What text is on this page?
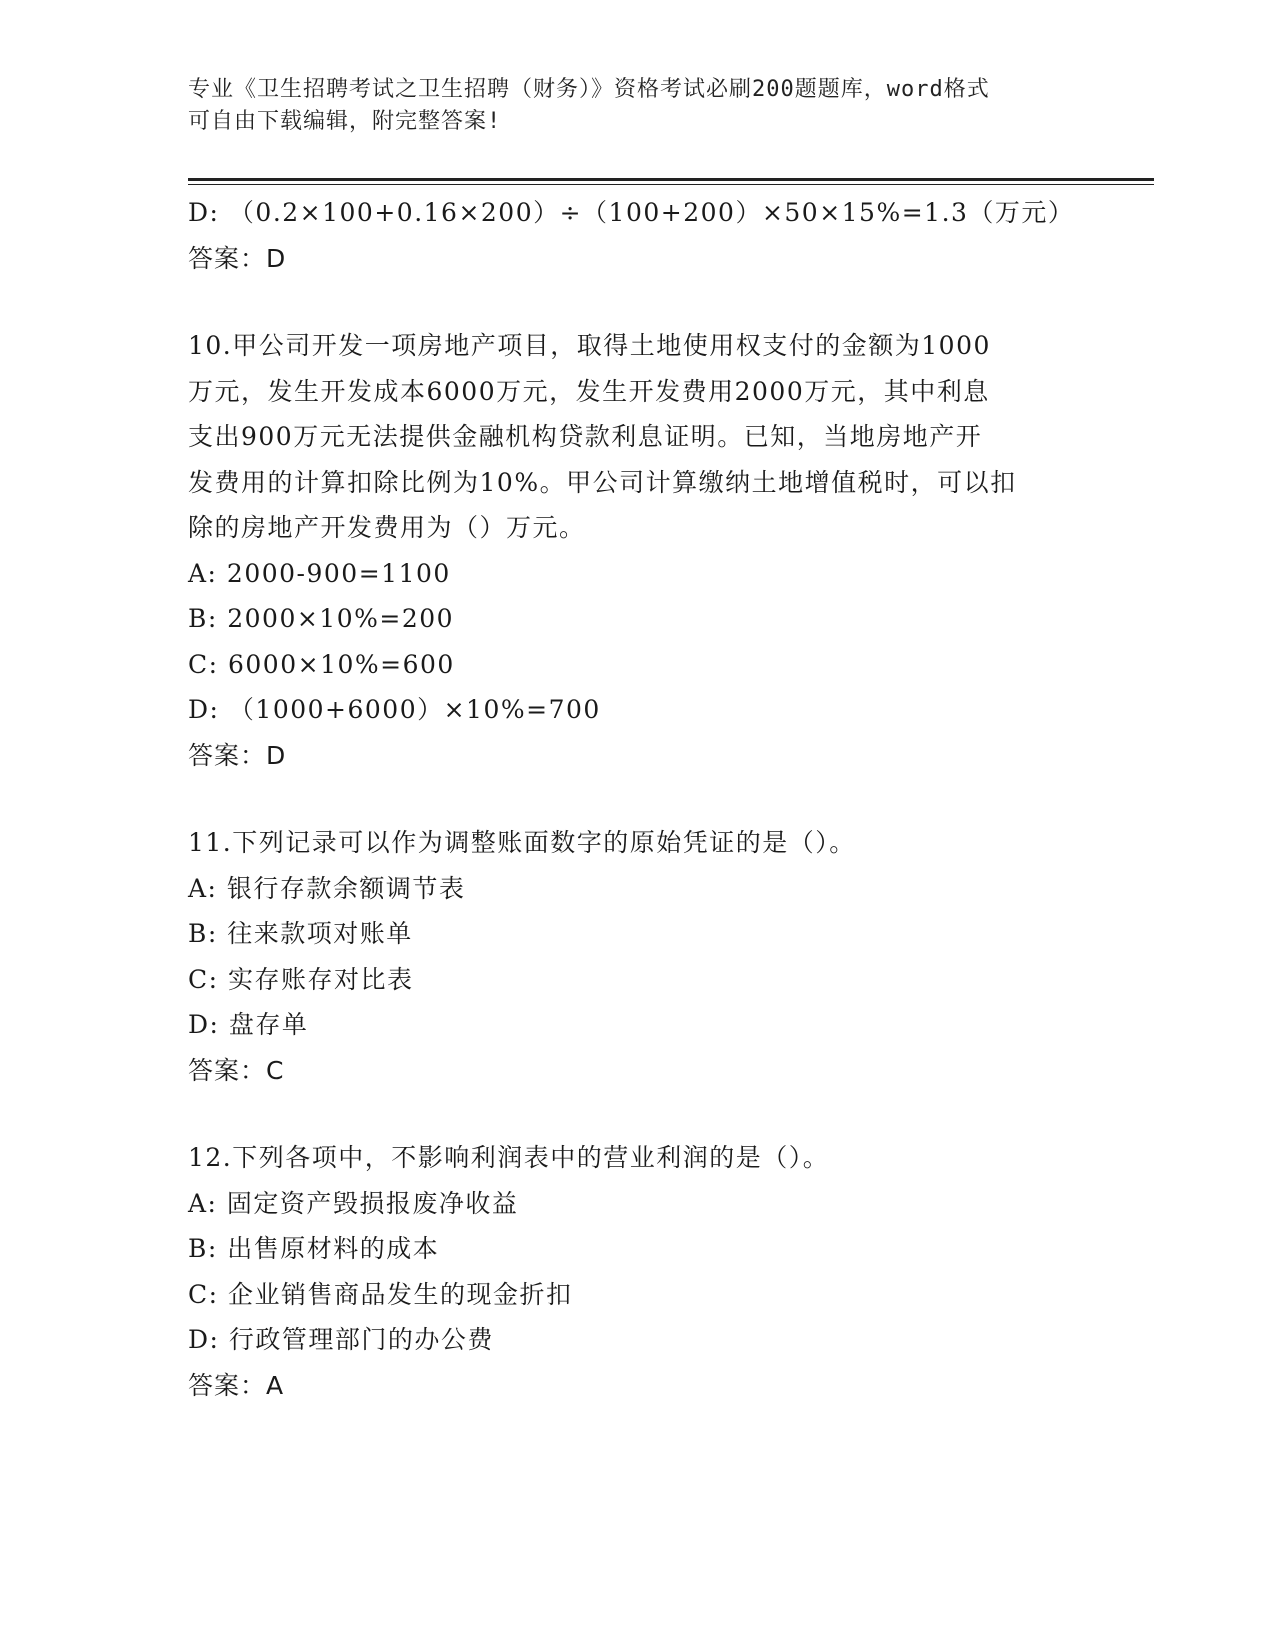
专业《卫生招聘考试之卫生招聘（财务）》资格考试必刷200题题库，word格式
可自由下载编辑，附完整答案!
D: （0.2×100+0.16×200）÷（100+200）×50×15%=1.3（万元）
答案：D
10.甲公司开发一项房地产项目，取得土地使用权支付的金额为1000
万元，发生开发成本6000万元，发生开发费用2000万元，其中利息
支出900万元无法提供金融机构贷款利息证明。已知，当地房地产开
发费用的计算扣除比例为10%。甲公司计算缴纳土地增值税时，可以扣
除的房地产开发费用为（）万元。
A: 2000-900=1100
B: 2000×10%=200
C: 6000×10%=600
D: （1000+6000）×10%=700
答案：D
11.下列记录可以作为调整账面数字的原始凭证的是（）。
A: 银行存款余额调节表
B: 往来款项对账单
C: 实存账存对比表
D: 盘存单
答案：C
12.下列各项中，不影响利润表中的营业利润的是（）。
A: 固定资产毁损报废净收益
B: 出售原材料的成本
C: 企业销售商品发生的现金折扣
D: 行政管理部门的办公费
答案：A
